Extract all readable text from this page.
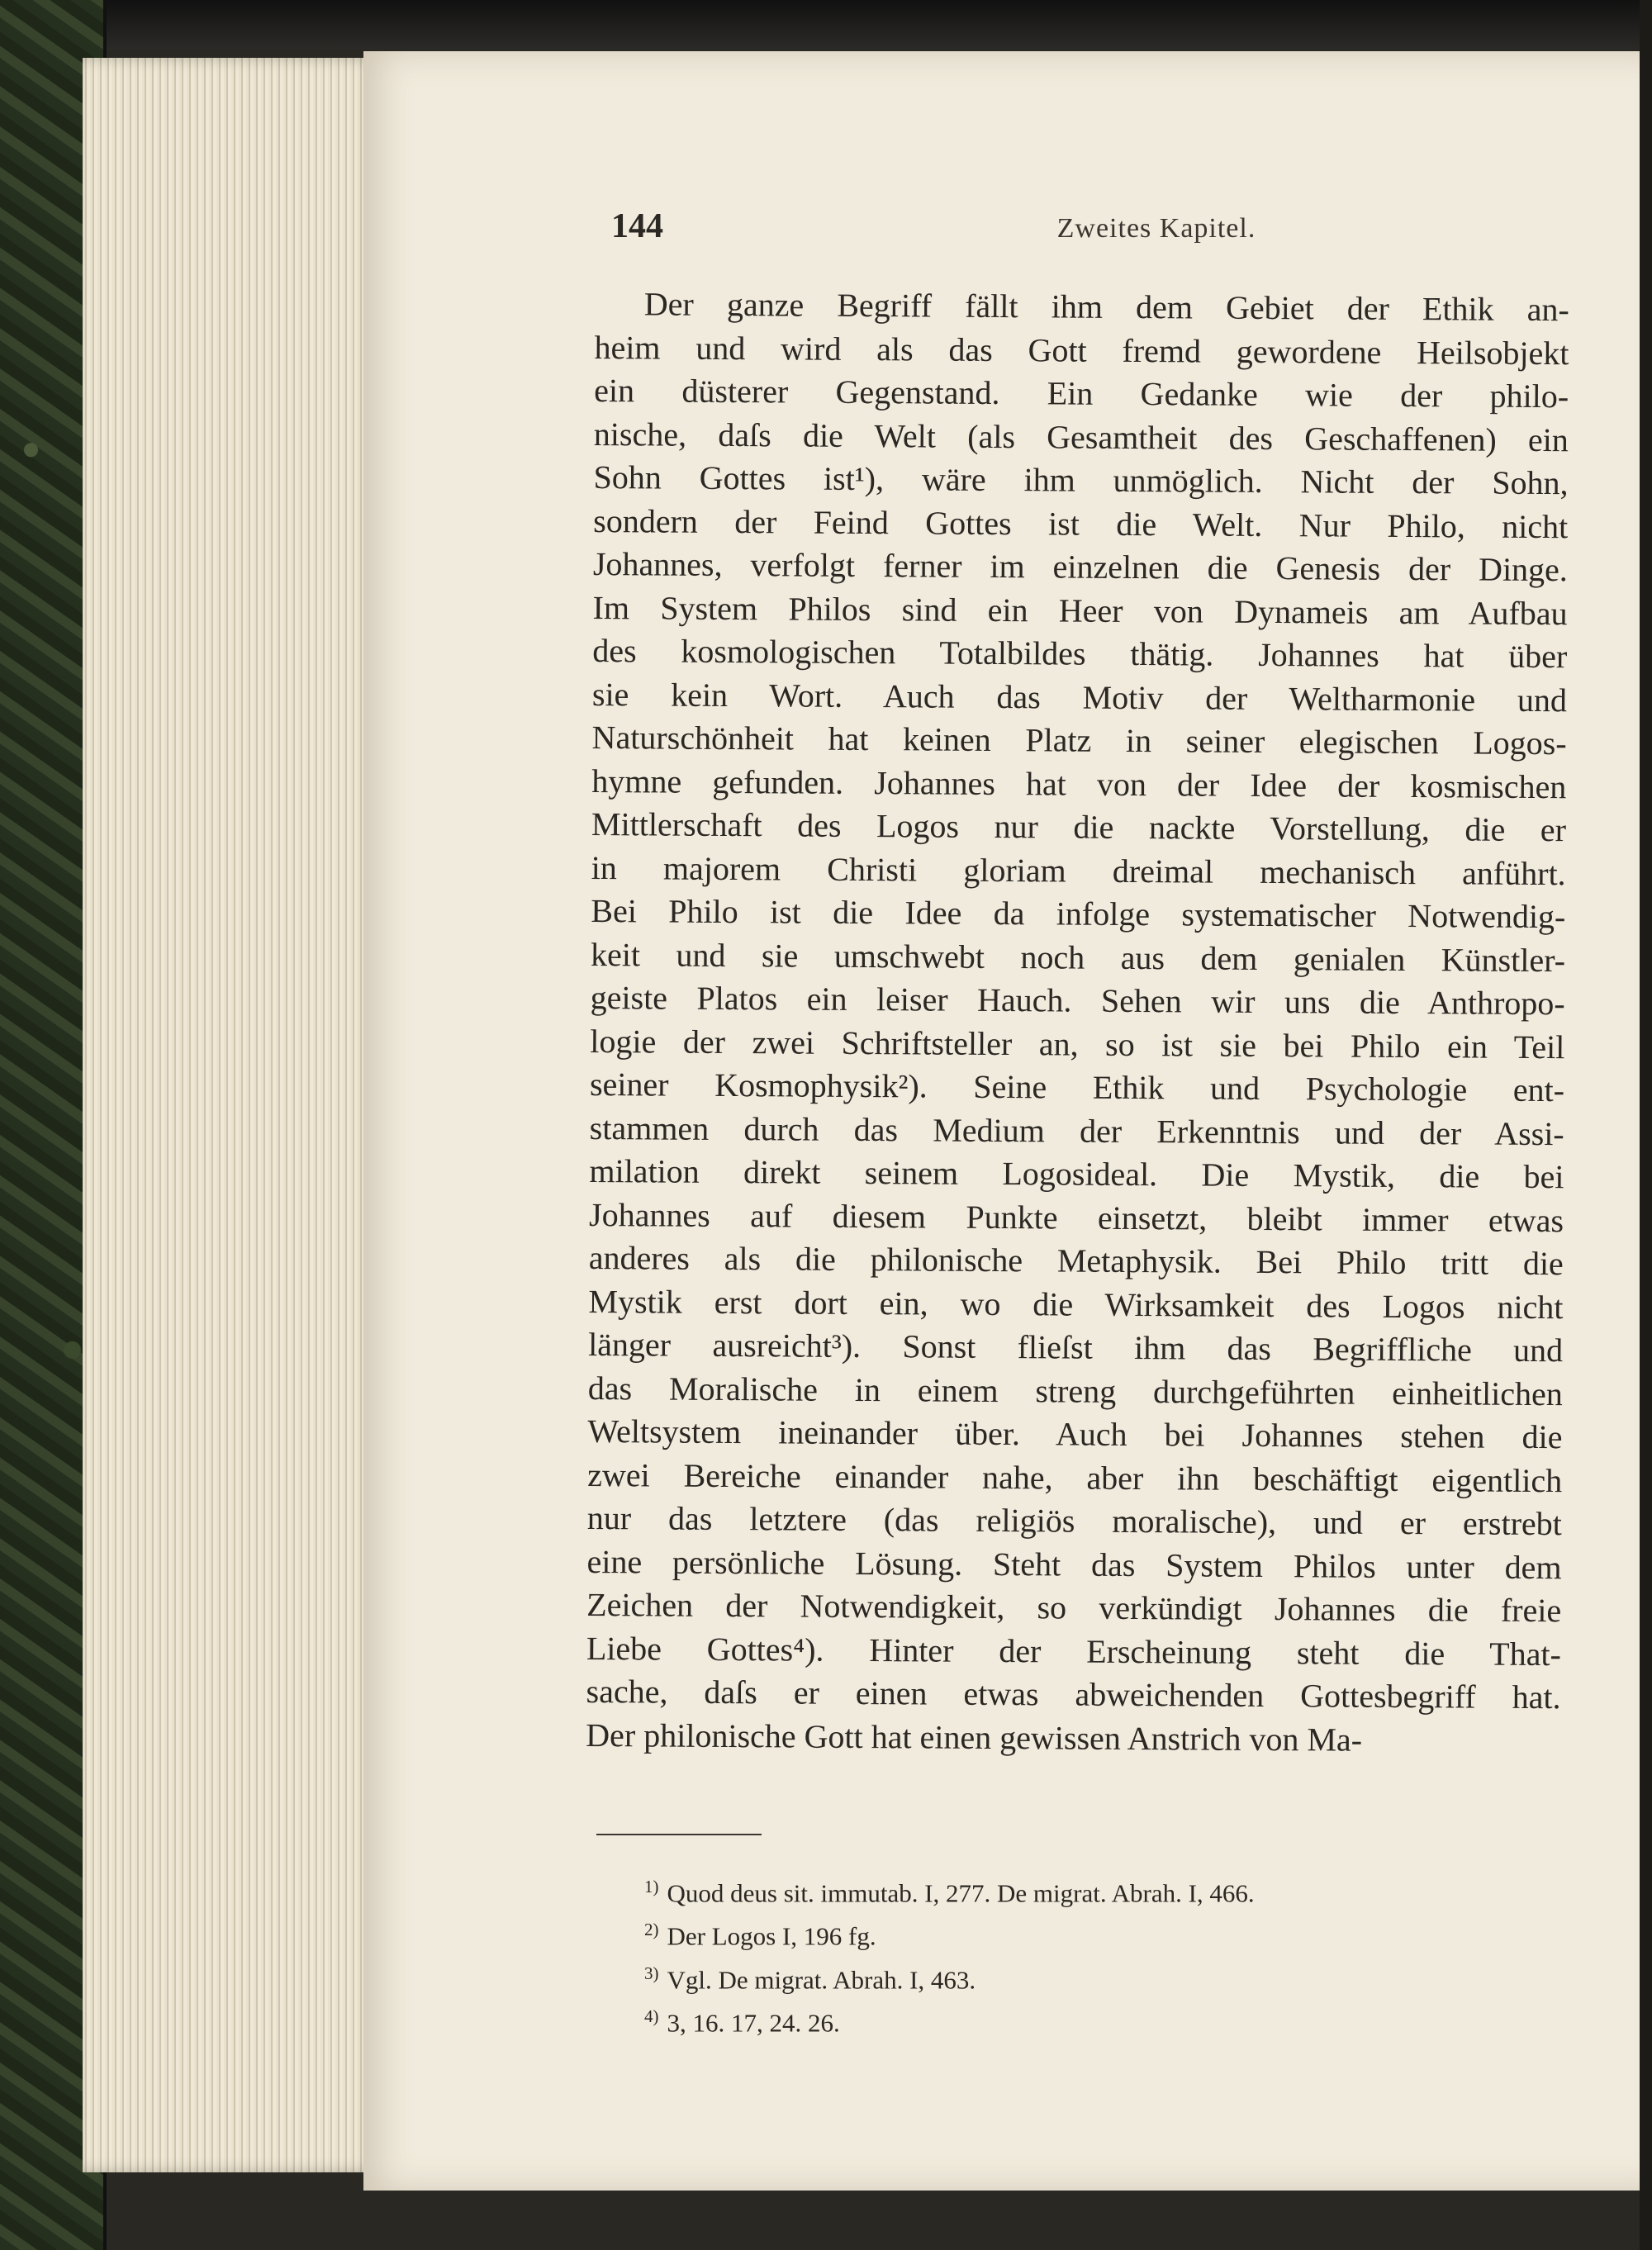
144	Zweites Kapitel.
Der ganze Begriff fällt ihm dem Gebiet der Ethik an-
heim und wird als das Gott fremd gewordene Heilsobjekt
ein düsterer Gegenstand. Ein Gedanke wie der philo-
nische, daſs die Welt (als Gesamtheit des Geschaffenen) ein
Sohn Gottes ist¹), wäre ihm unmöglich. Nicht der Sohn,
sondern der Feind Gottes ist die Welt. Nur Philo, nicht
Johannes, verfolgt ferner im einzelnen die Genesis der Dinge.
Im System Philos sind ein Heer von Dynameis am Aufbau
des kosmologischen Totalbildes thätig. Johannes hat über
sie kein Wort. Auch das Motiv der Weltharmonie und
Naturschönheit hat keinen Platz in seiner elegischen Logos-
hymne gefunden. Johannes hat von der Idee der kosmischen
Mittlerschaft des Logos nur die nackte Vorstellung, die er
in majorem Christi gloriam dreimal mechanisch anführt.
Bei Philo ist die Idee da infolge systematischer Notwendig-
keit und sie umschwebt noch aus dem genialen Künstler-
geiste Platos ein leiser Hauch. Sehen wir uns die Anthropo-
logie der zwei Schriftsteller an, so ist sie bei Philo ein Teil
seiner Kosmophysik²). Seine Ethik und Psychologie ent-
stammen durch das Medium der Erkenntnis und der Assi-
milation direkt seinem Logosideal. Die Mystik, die bei
Johannes auf diesem Punkte einsetzt, bleibt immer etwas
anderes als die philonische Metaphysik. Bei Philo tritt die
Mystik erst dort ein, wo die Wirksamkeit des Logos nicht
länger ausreicht³). Sonst flieſst ihm das Begriffliche und
das Moralische in einem streng durchgeführten einheitlichen
Weltsystem ineinander über. Auch bei Johannes stehen die
zwei Bereiche einander nahe, aber ihn beschäftigt eigentlich
nur das letztere (das religiös moralische), und er erstrebt
eine persönliche Lösung. Steht das System Philos unter dem
Zeichen der Notwendigkeit, so verkündigt Johannes die freie
Liebe Gottes⁴). Hinter der Erscheinung steht die That-
sache, daſs er einen etwas abweichenden Gottesbegriff hat.
Der philonische Gott hat einen gewissen Anstrich von Ma-
$^{1)}$ Quod deus sit. immutab. I, 277. De migrat. Abrah. I, 466.
$^{2)}$ Der Logos I, 196 fg.
$^{3)}$ Vgl. De migrat. Abrah. I, 463.
$^{4)}$ 3, 16. 17, 24. 26.
